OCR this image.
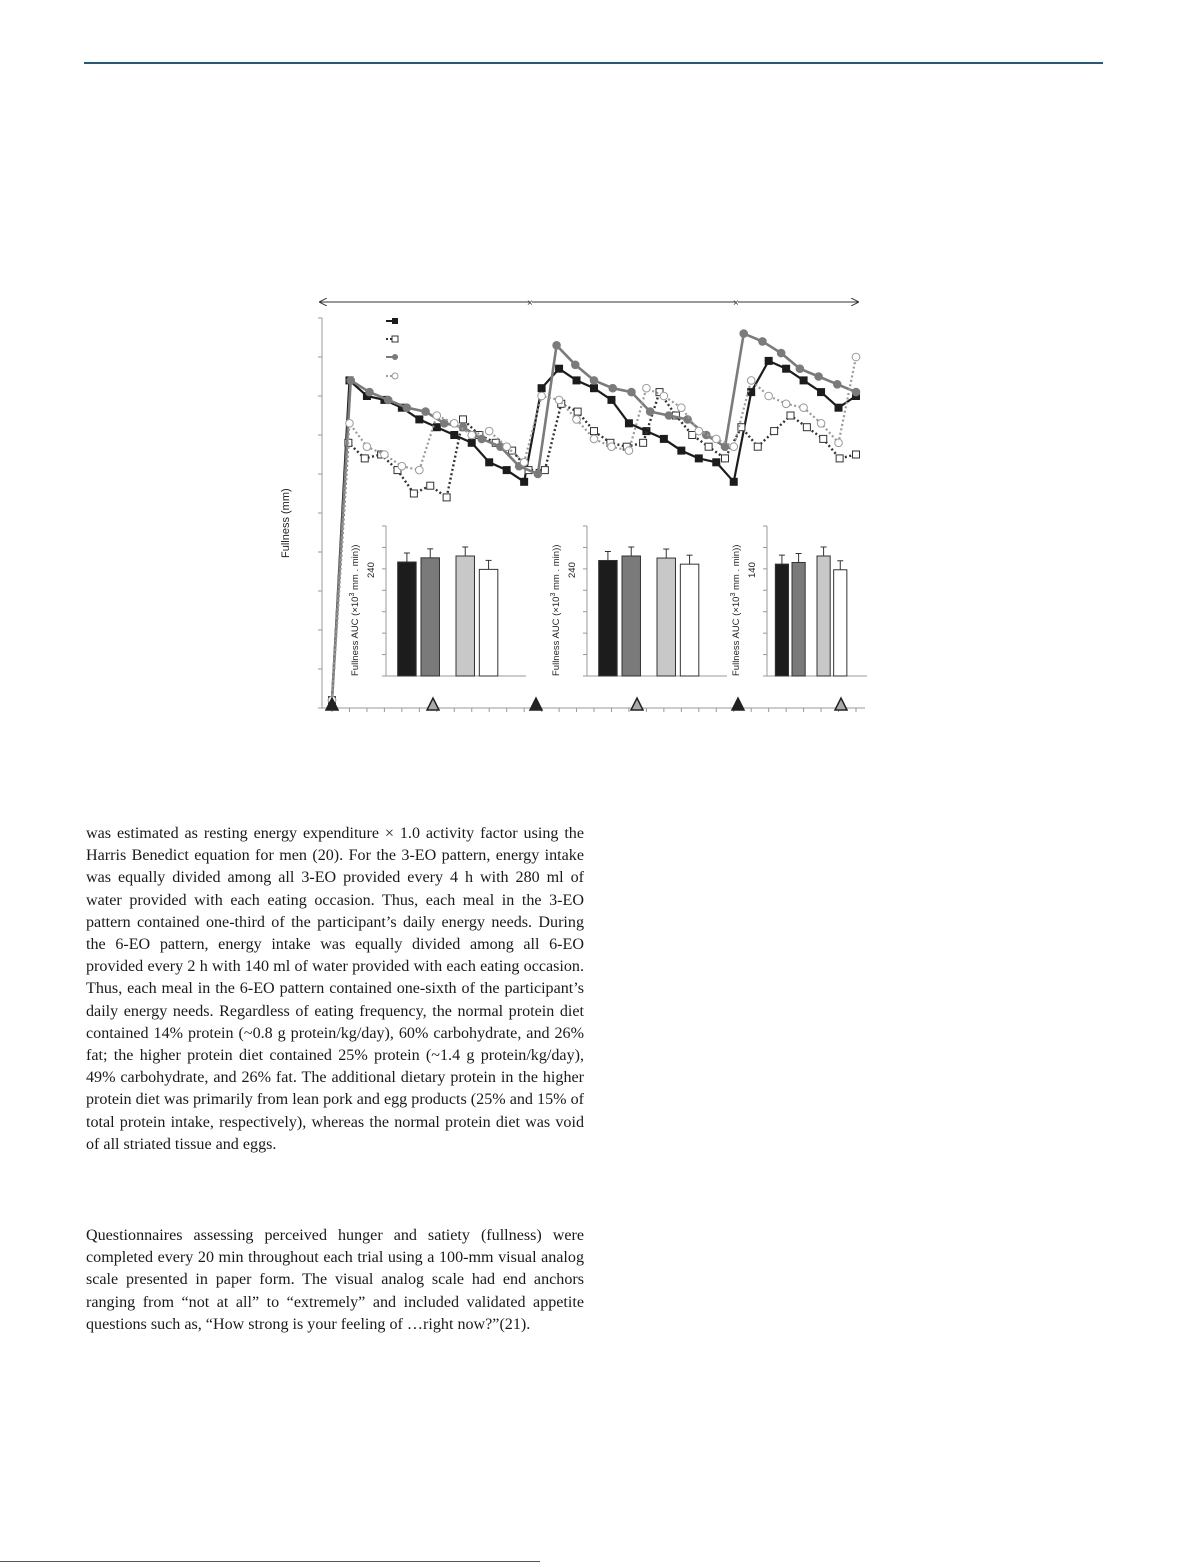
×	×
Fullness (mm)
Fullness AUC ($\times 10^3$ mm . min))
240
Fullness AUC ($\times 10^3$ mm . min))
240
Fullness AUC ($\times 10^3$ mm . min))
140

was estimated as resting energy expenditure × 1.0 activity factor using the Harris Benedict equation for men (20). For the 3-EO pattern, energy intake was equally divided among all 3-EO provided every 4 h with 280 ml of water provided with each eating occasion. Thus, each meal in the 3-EO pattern contained one-third of the participant’s daily energy needs. During the 6-EO pattern, energy intake was equally divided among all 6-EO provided every 2 h with 140 ml of water provided with each eating occasion. Thus, each meal in the 6-EO pattern contained one-sixth of the participant’s daily energy needs. Regardless of eating frequency, the normal protein diet contained 14% protein (~0.8 g protein/kg/day), 60% carbohydrate, and 26% fat; the higher protein diet contained 25% protein (~1.4 g protein/kg/day), 49% carbohydrate, and 26% fat. The additional dietary protein in the higher protein diet was primarily from lean pork and egg products (25% and 15% of total protein intake, respectively), whereas the normal protein diet was void of all striated tissue and eggs.

Questionnaires assessing perceived hunger and satiety (fullness) were completed every 20 min throughout each trial using a 100-mm visual analog scale presented in paper form. The visual analog scale had end anchors ranging from “not at all” to “extremely” and included validated appetite questions such as, “How strong is your feeling of …right now?”(21).
